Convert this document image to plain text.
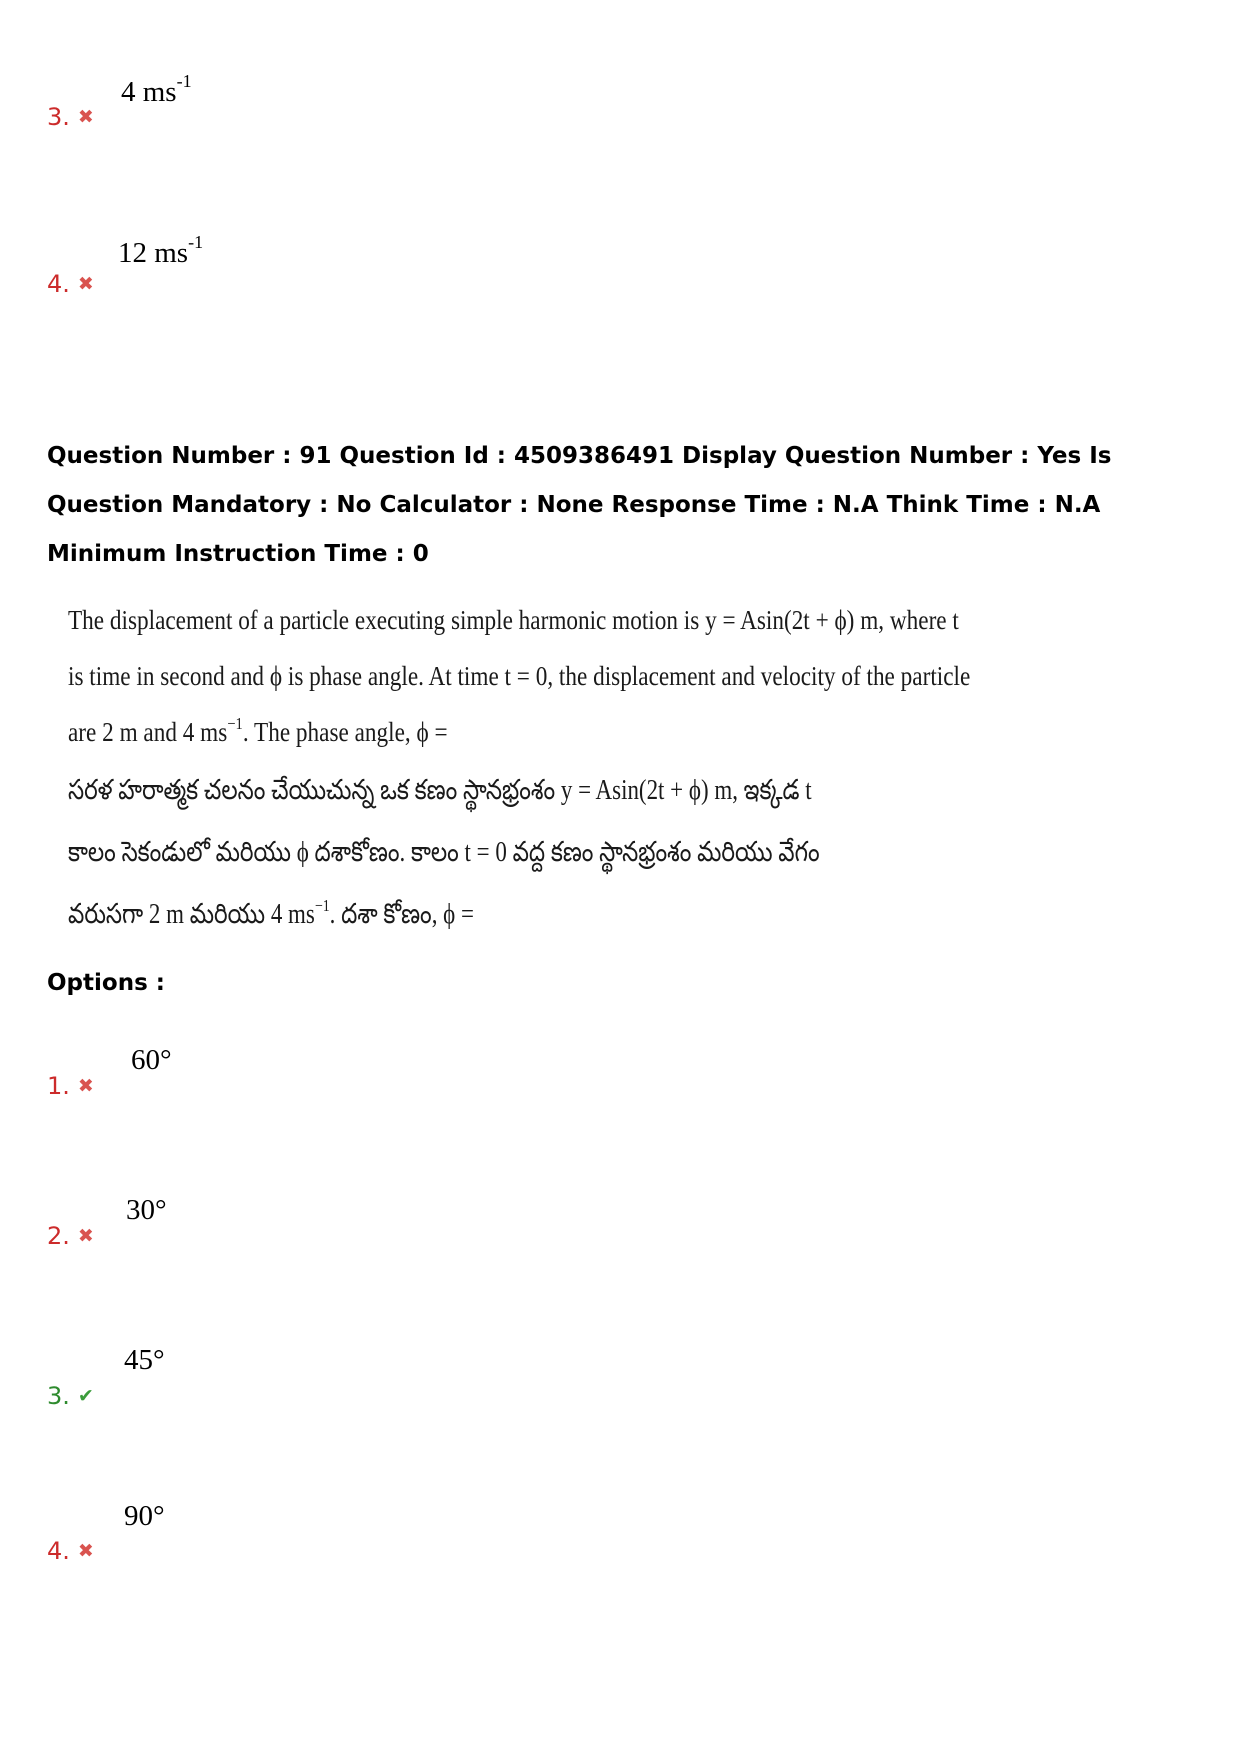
3. ✖
4 $ms^{-1}$
4. ✖
12 $ms^{-1}$
Question Number : 91 Question Id : 4509386491 Display Question Number : Yes Is Question Mandatory : No Calculator : None Response Time : N.A Think Time : N.A Minimum Instruction Time : 0
The displacement of a particle executing simple harmonic motion is y = Asin(2t + ϕ) m, where t
is time in second and ϕ is phase angle. At time t = 0, the displacement and velocity of the particle
are 2 m and 4 $ms^{-1}$. The phase angle, ϕ =
సరళ హరాత్మక చలనం చేయుచున్న ఒక కణం స్థానభ్రంశం y = Asin(2t + ϕ) m, ఇక్కడ t
కాలం సెకండులో మరియు ϕ దశాకోణం. కాలం t = 0 వద్ద కణం స్థానభ్రంశం మరియు వేగం
వరుసగా 2 m మరియు 4 $ms^{-1}$. దశా కోణం, ϕ =
Options :
1. ✖
60°
2. ✖
30°
3. ✔
45°
4. ✖
90°
